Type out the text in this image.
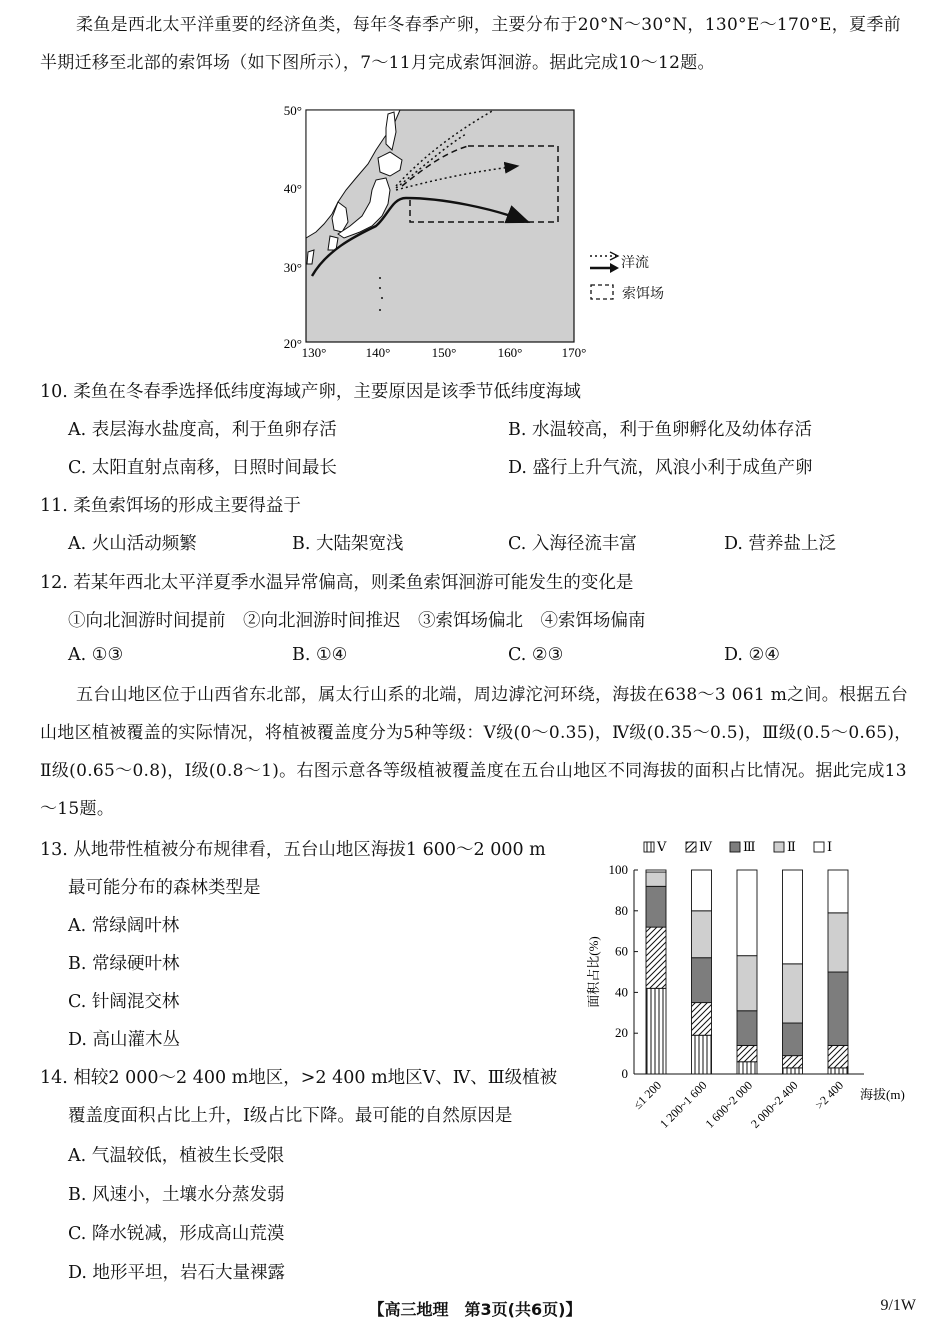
柔鱼是西北太平洋重要的经济鱼类，每年冬春季产卵，主要分布于20°N～30°N，130°E～170°E，夏季前半期迁移至北部的索饵场（如下图所示），7～11月完成索饵洄游。据此完成10～12题。

50°
40°
30°
20°
130°	140°	150°	160°	170°
洋流
索饵场
10. 柔鱼在冬春季选择低纬度海域产卵，主要原因是该季节低纬度海域
A. 表层海水盐度高，利于鱼卵存活	B. 水温较高，利于鱼卵孵化及幼体存活
C. 太阳直射点南移，日照时间最长	D. 盛行上升气流，风浪小利于成鱼产卵
11. 柔鱼索饵场的形成主要得益于
A. 火山活动频繁	B. 大陆架宽浅	C. 入海径流丰富	D. 营养盐上泛
12. 若某年西北太平洋夏季水温异常偏高，则柔鱼索饵洄游可能发生的变化是
①向北洄游时间提前　②向北洄游时间推迟　③索饵场偏北　④索饵场偏南
A. ①③	B. ①④	C. ②③	D. ②④

五台山地区位于山西省东北部，属太行山系的北端，周边滹沱河环绕，海拔在638～3 061 m之间。根据五台山地区植被覆盖的实际情况，将植被覆盖度分为5种等级：Ⅴ级(0～0.35)，Ⅳ级(0.35～0.5)，Ⅲ级(0.5～0.65)，Ⅱ级(0.65～0.8)，Ⅰ级(0.8～1)。右图示意各等级植被覆盖度在五台山地区不同海拔的面积占比情况。据此完成13～15题。

13. 从地带性植被分布规律看，五台山地区海拔1 600～2 000 m
最可能分布的森林类型是
A. 常绿阔叶林
B. 常绿硬叶林
C. 针阔混交林
D. 高山灌木丛
14. 相较2 000～2 400 m地区，>2 400 m地区Ⅴ、Ⅳ、Ⅲ级植被
覆盖度面积占比上升，Ⅰ级占比下降。最可能的自然原因是
A. 气温较低，植被生长受限
B. 风速小，土壤水分蒸发弱
C. 降水锐减，形成高山荒漠
D. 地形平坦，岩石大量裸露
Ⅴ	Ⅳ Ⅲ Ⅱ Ⅰ
0
20
40
60
80
100
面积占比(%)
海拔(m)
≤1 200
1 200~1 600
1 600~2 000
2 000~2 400 >2 400
【高三地理　第3页(共6页)】	9/1W
